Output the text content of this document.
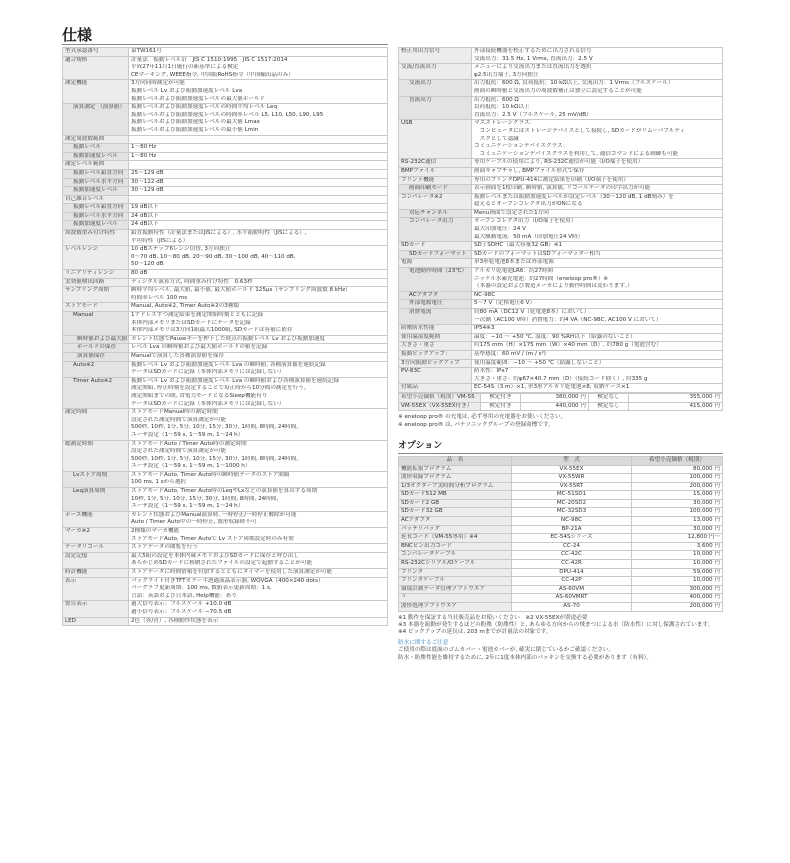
仕様
型式承認番号	第TW161号

適合規格	計量法　振動レベル計　JIS C 1510:1995　JIS C 1517:2014
平成27年11月1日施行の新基準による検定
CEマーキング, WEEE指令, 中国版RoHS指令（中国輸出品のみ）

測定機能	3方向同時測定が可能
振動レベル Lv および振動加速度レベル Lva
振動レベルおよび振動加速度レベルの最大値ホールド

演算測定 （演算値）	振動レベルおよび振動加速度レベルの時間平均レベル Leq
振動レベルおよび振動加速度レベルの時間率レベル L5, L10, L50, L90, L95
振動レベルおよび振動加速度レベルの最大値 Lmax
振動レベルおよび振動加速度レベルの最小値 Lmin

測定周波数範囲	

振動レベル	1～80 Hz

振動加速度レベル	1～80 Hz

測定レベル範囲	

振動レベル鉛直方向	25～129 dB

振動レベル水平方向	30～122 dB

振動加速度レベル	30～129 dB

自己雑音レベル	

振動レベル鉛直方向	19 dB以下

振動レベル水平方向	24 dB以下

振動加速度レベル	24 dB以下

周波数重み付け特性	鉛直振動特性（計量法またはJISによる）, 水平振動特性（JISによる）,
平坦特性（JISによる）

レベルレンジ	10 dBステップ6レンジ切替, 3方向独立
0～70 dB, 10～80 dB, 20～90 dB, 30～100 dB, 40～110 dB,
50～120 dB

リニアリティレンジ	80 dB

実効値検出回路	ディジタル演算方式, 時間重み付け特性　0.63秒

サンプリング周期	瞬時平均レベル, 最大値, 最小値, 最大値ホールド 125μs（サンプリング周波数 8 kHz）
時間率レベル 100 ms

ストアモード	Manual, Auto※2, Timer Auto※2の3種類

Manual	1アドレスずつ測定結果を測定開始時刻とともに記録
本体内部メモリまたはSDカードにデータを記録
本体内部メモリは3方向1組最大1000組, SDカードは容量に依存

瞬時値および最大値	カレント状態でPauseキーを押下した時点の振動レベル Lv および振動加速度

ホールドの保存	レベル Lva の瞬時値および最大値ホールドの値を記録

演算値保存	Manualで演算した各種演算値を保存

Auto※2	振動レベル Lv および振動加速度レベル Lva の瞬時値, 各種演算値を連続記録
データはSDカードに記録（本体内部メモリには記録しない）

Timer Auto※2	振動レベル Lv および振動加速度レベル Lva の瞬時値および各種演算値を連続記録
測定開始, 停止時刻を設定することで毎正時から10分間の測定を行う。
測定開始までの間, 省電力モードとなるSleep機能有り
データはSDカードに記録（本体内部メモリには記録しない）

測定時間	ストアモードManual時の測定時間
設定された測定時間で演算測定が可能
500秒, 10秒, 1分, 5分, 10分, 15分, 30分, 1時間, 8時間, 24時間,
ユーザ設定（1～59 s, 1～59 m, 1～24 h）

総測定時間	ストアモードAuto / Timer Auto時の測定時間
設定された測定時間で演算測定が可能
500秒, 10秒, 1分, 5分, 10分, 15分, 30分, 1時間, 8時間, 24時間,
ユーザ設定（1～59 s, 1～59 m, 1～1000 h）

Lvストア周期	ストアモードAuto, Timer Auto時の瞬時値データのストア間隔
100 ms, 1 sから選択

Leq演算周期	ストアモードAuto, Timer Auto時のLeqやLxなどの演算値を算出する周期
10秒, 1分, 5分, 10分, 15分, 30分, 1時間, 8時間, 24時間,
ユーザ設定（1～59 s, 1～59 m, 1～24 h）

ポーズ機能	カレント状態およびManual演算時, 一時停止/一時停止解除が可能
Auto / Timer Auto中の一時停止, 波形収録時不可

マーカ※2	2種類のマーカ機能
ストアモードAuto, Timer Autoで Lv ストア周期設定時のみ有効

データリコール	ストアデータの閲覧を行う

設定記憶	最大5組の設定を本体内蔵メモリおよびSDカードに保存と呼び出し
あらかじめSDカードに格納されたファイルの設定で起動することが可能

時計機能	ストアデータに時間情報を付加するとともにタイマーを使用した演算測定が可能

表示	バックライト付きTFTカラー半透過液晶表示器, WQVGA（400×240 dots）
バーグラフ更新周期：100 ms, 数値表示更新周期：1 s,
言語：英語および日本語, Help機能：あり

警告表示	過大信号表示：フルスケール +10.0 dB
過小信号表示：フルスケール −70.5 dB

LED	2色（赤/青）, 各種動作状態を表示
校正用出力信号	外部接続機器を校正するために出力される信号
交流出力：31.5 Hz, 1 Vrms, 直流出力：2.5 V

交流/直流出力	メニューにより交流出力または直流出力を選択
φ2.5出力端子, 3方向独立

交流出力	出力抵抗：600 Ω, 負荷抵抗：10 kΩ以上, 交流出力：1 Vrms（フルスケール）
画面の瞬時値と交流出力の周波数補正は独立に設定することが可能

直流出力	出力抵抗：600 Ω
負荷抵抗：10 kΩ以上
直流出力：2.5 V（フルスケール, 25 mV/dB）

USB	マスストレージクラス：
　コンピュータにはストレージデバイスとして接続し, SDカードがリムーバブルディ
　スクとして認識
コミュニケーションデバイスクラス：
　コミュニケーションデバイスクラスを利用して, 通信コマンドによる制御も可能

RS-232C通信	専用ケーブルの使用により, RS-232C通信が可能（I/O端子を使用）

BMPファイル	画面キャプチャし, BMPファイル形式で保存

プリント機能	専用のプリンタDPU-414に測定結果を印刷（I/O端子を使用）

画面印刷モード	表示画面を1枚印刷, 瞬時値, 演算値, リコールデータの印字出力が可能

コンパレータ※2	振動レベルまたは振動加速度レベルが設定レベル（30～120 dB, 1 dB刻み）を
超えるとオープンコレクタ出力がONになる

対応チャンネル	Menu画面で設定された1方向

コンパレータ出力	オープンコレクタ出力（I/O端子を使用）
最大印加電圧：24 V
最大駆動電流：50 mA（印加電圧24 V時）

SDカード	SD / SDHC（最大容量32 GB）※1

SDカードフォーマット	SDカードのフォーマットはSDフォーマッター相当

電源	単3形乾電池8本または外部電源

電池動作時間（23℃）	アルカリ乾電池LR6：約27時間
ニッケル水素充電池：約27時間（eneloop pro®）※
（本器の設定および製造メーカにより動作時間は変わります。）

ACアダプタ	NC-98C

外部電源電圧	5～7 V（定格電圧6 V）

消費電流	約80 mA（DC12 V（乾電池8本）において）
一次側（AC100 V時）消費電力：約4 VA（NC-98C, AC100 V において）

防塵防水性能	IP54※3

使用温湿度範囲	温度：−10 ～ +50 ℃, 湿度：90 %RH以下（結露のないこと）

大きさ・重さ	約175 mm（H）×175 mm（W）×40 mm（D）, 約780 g（電池含む）

振動ピックアップ：	基準感度：60 mV / (m / s²)

3方向振動ピックアップ	使用温度範囲：−10 ～ +50 ℃（結露しないこと）

PV-83C	防水性：IPx7
大きさ・重さ：約φ67×40.7 mm（D）（接続コード除く）, 約335 g

付属品	EC-54S（3 m）×1, 単3形アルカリ乾電池×8, 収納ケース×1
希望小売価格（税別）VM-55	検定付き	380,000 円	検定なし	355,000 円
VM-55EX（VX-55EX付き）	検定付き	440,000 円	検定なし	415,000 円
※ eneloop pro® の充電は, 必ず専用の充電器をお使いください。
※ eneloop pro® は, パナソニックグループの登録商標です。
オプション
品　名	型　式	希望小売価格（税別）
機能拡張プログラム	VX-55EX	80,000 円
波形収録プログラム	VX-55WR	100,000 円
1/3オクターブ実時間分析プログラム	VX-55RT	200,000 円
SDカード512 MB	MC-51SD1	15,000 円
SDカード2 GB	MC-20SD2	30,000 円
SDカード32 GB	MC-32SD3	100,000 円
ACアダプタ	NC-98C	13,000 円
バッテリパック	BP-21A	30,000 円
延長コード（VM-55専用）※4	EC-54Sシリーズ	12,800 円～
BNCピン出力コード	CC-24	3,600 円
コンパレータケーブル	CC-42C	10,000 円
RS-232Cシリアル/Oケーブル	CC-42R	10,000 円
プリンタ	DPU-414	59,000 円
プリンタケーブル	CC-42P	10,000 円
環境計測データ管理ソフトウエア	AS-60VM	300,000 円
〃	AS-60VMRT	400,000 円
波形処理ソフトウエア	AS-70	200,000 円
※1 動作を保証する当社販売品をお使いください　※2 VX-55EXが別途必要
※3 本器を振動が発生するほどの粉塵（防塵性）と, あらゆる方向からの飛まつによる水（防水性）に対し保護されています。
※4 ピックアップの延長は, 203 mまでが計量法の対象です。
防水に関するご注意
ご使用の際は底面のゴムカバー・電池カバーが, 確実に閉じているかご確認ください。
防水・防塵性能を維持するために, 2年に1度本体内部のパッキンを交換する必要があります（有料）。
